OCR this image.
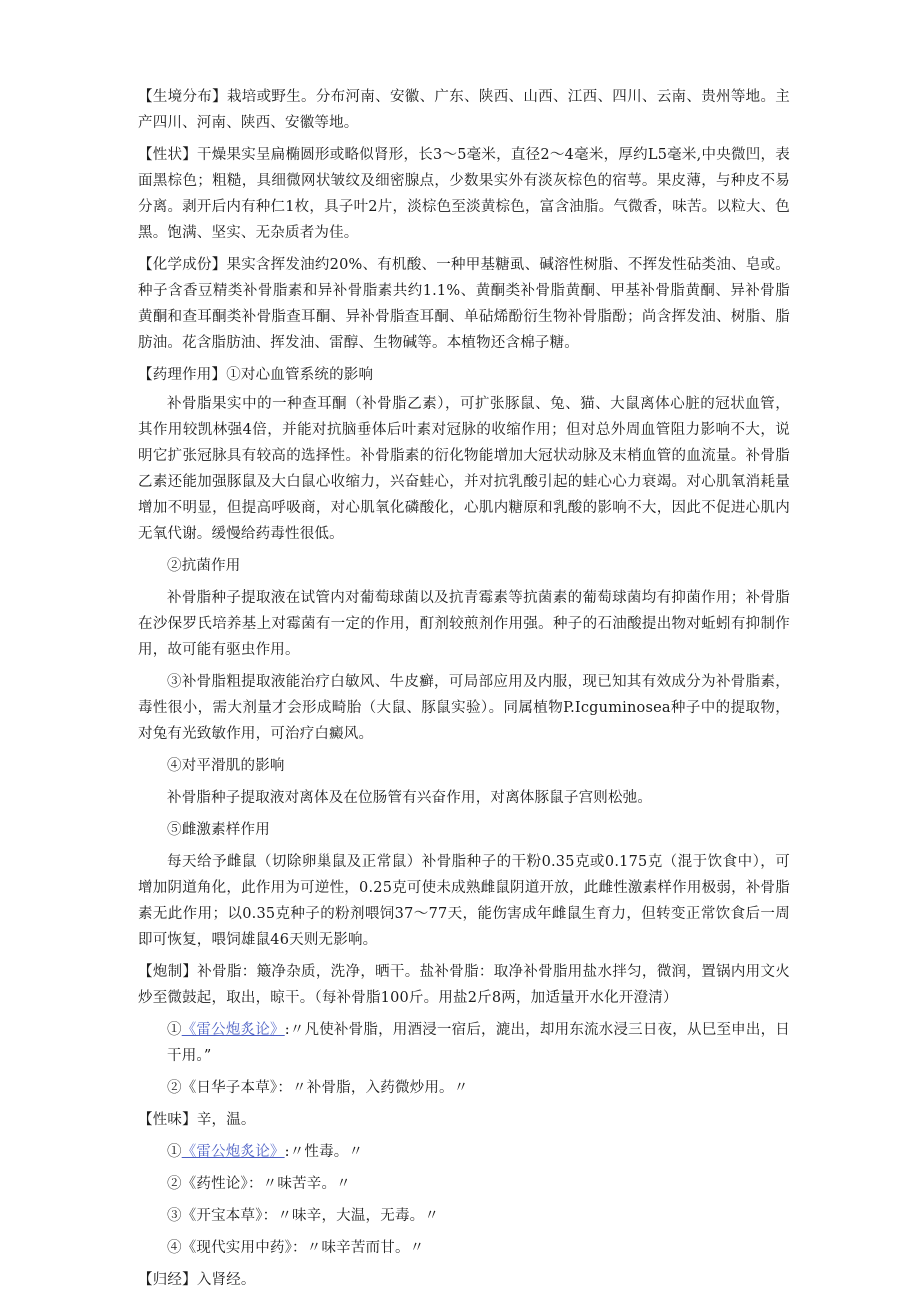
【生境分布】栽培或野生。分布河南、安徽、广东、陕西、山西、江西、四川、云南、贵州等地。主产四川、河南、陕西、安徽等地。

【性状】干燥果实呈扁椭圆形或略似肾形，长3〜5毫米，直径2〜4毫米，厚约L5毫米,中央微凹，表面黑棕色；粗糙，具细微网状皱纹及细密腺点，少数果实外有淡灰棕色的宿萼。果皮薄，与种皮不易分离。剥开后内有种仁1枚，具子叶2片，淡棕色至淡黄棕色，富含油脂。气微香，味苦。以粒大、色黑。饱满、坚实、无杂质者为佳。

【化学成份】果实含挥发油约20%、有机酸、一种甲基糖虱、碱溶性树脂、不挥发性砧类油、皂或。种子含香豆精类补骨脂素和异补骨脂素共约1.1%、黄酮类补骨脂黄酮、甲基补骨脂黄酮、异补骨脂黄酮和查耳酮类补骨脂查耳酮、异补骨脂查耳酮、单砧烯酚衍生物补骨脂酚；尚含挥发油、树脂、脂肪油。花含脂肪油、挥发油、雷醇、生物碱等。本植物还含棉子糖。

【药理作用】①对心血管系统的影响

补骨脂果实中的一种查耳酮（补骨脂乙素），可扩张豚鼠、兔、猫、大鼠离体心脏的冠状血管，其作用较凯林强4倍，并能对抗脑垂体后叶素对冠脉的收缩作用；但对总外周血管阻力影响不大，说明它扩张冠脉具有较高的选择性。补骨脂素的衍化物能增加大冠状动脉及末梢血管的血流量。补骨脂乙素还能加强豚鼠及大白鼠心收缩力，兴奋蛙心，并对抗乳酸引起的蛙心心力衰竭。对心肌氧消耗量增加不明显，但提高呼吸商，对心肌氧化磷酸化，心肌内糖原和乳酸的影响不大，因此不促进心肌内无氧代谢。缓慢给药毒性很低。

②抗菌作用

补骨脂种子提取液在试管内对葡萄球菌以及抗青霉素等抗菌素的葡萄球菌均有抑菌作用；补骨脂在沙保罗氏培养基上对霉菌有一定的作用，酊剂较煎剂作用强。种子的石油酸提出物对蚯蚓有抑制作用，故可能有驱虫作用。

③补骨脂粗提取液能治疗白敏风、牛皮癣，可局部应用及内服，现已知其有效成分为补骨脂素，毒性很小，需大剂量才会形成畸胎（大鼠、豚鼠实验）。同属植物P.Icguminosea种子中的提取物，对兔有光致敏作用，可治疗白癜风。

④对平滑肌的影响

补骨脂种子提取液对离体及在位肠管有兴奋作用，对离体豚鼠子宫则松弛。

⑤雌激素样作用

每天给予雌鼠（切除卵巢鼠及正常鼠）补骨脂种子的干粉0.35克或0.175克（混于饮食中），可增加阴道角化，此作用为可逆性，0.25克可使未成熟雌鼠阴道开放，此雌性激素样作用极弱，补骨脂素无此作用；以0.35克种子的粉剂喂饲37〜77天，能伤害成年雌鼠生育力，但转变正常饮食后一周即可恢复，喂饲雄鼠46天则无影响。

【炮制】补骨脂：簸净杂质，洗净，晒干。盐补骨脂：取净补骨脂用盐水拌匀，微润，置锅内用文火炒至微鼓起，取出，晾干。（每补骨脂100斤。用盐2斤8两，加适量开水化开澄清）

①《雷公炮炙论》:〃凡使补骨脂，用酒浸一宿后，漉出，却用东流水浸三日夜，从巳至申出，日干用。”

②《日华子本草》：〃补骨脂，入药微炒用。〃

【性味】辛，温。

①《雷公炮炙论》:〃性毒。〃

②《药性论》：〃味苦辛。〃

③《开宝本草》：〃味辛，大温，无毒。〃

④《现代实用中药》：〃味辛苦而甘。〃

【归经】入肾经。
